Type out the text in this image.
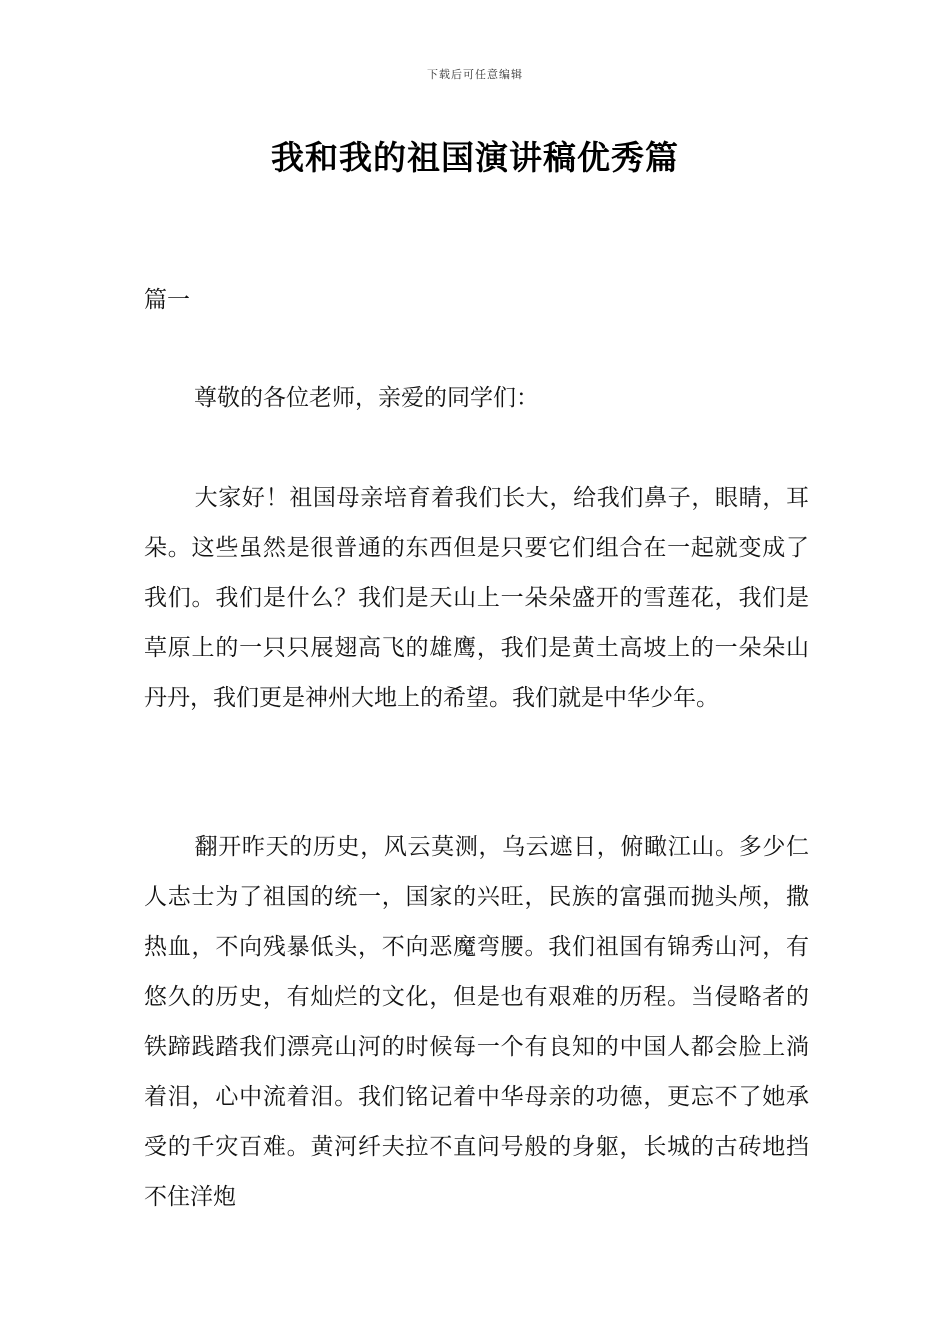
下载后可任意编辑
我和我的祖国演讲稿优秀篇
篇一
尊敬的各位老师，亲爱的同学们：

大家好！祖国母亲培育着我们长大，给我们鼻子，眼睛，耳朵。这些虽然是很普通的东西但是只要它们组合在一起就变成了我们。我们是什么？我们是天山上一朵朵盛开的雪莲花，我们是草原上的一只只展翅高飞的雄鹰，我们是黄土高坡上的一朵朵山丹丹，我们更是神州大地上的希望。我们就是中华少年。

翻开昨天的历史，风云莫测，乌云遮日，俯瞰江山。多少仁人志士为了祖国的统一，国家的兴旺，民族的富强而抛头颅，撒热血，不向残暴低头，不向恶魔弯腰。我们祖国有锦秀山河，有悠久的历史，有灿烂的文化，但是也有艰难的历程。当侵略者的铁蹄践踏我们漂亮山河的时候每一个有良知的中国人都会脸上淌着泪，心中流着泪。我们铭记着中华母亲的功德，更忘不了她承受的千灾百难。黄河纤夫拉不直问号般的身躯，长城的古砖地挡不住洋炮
